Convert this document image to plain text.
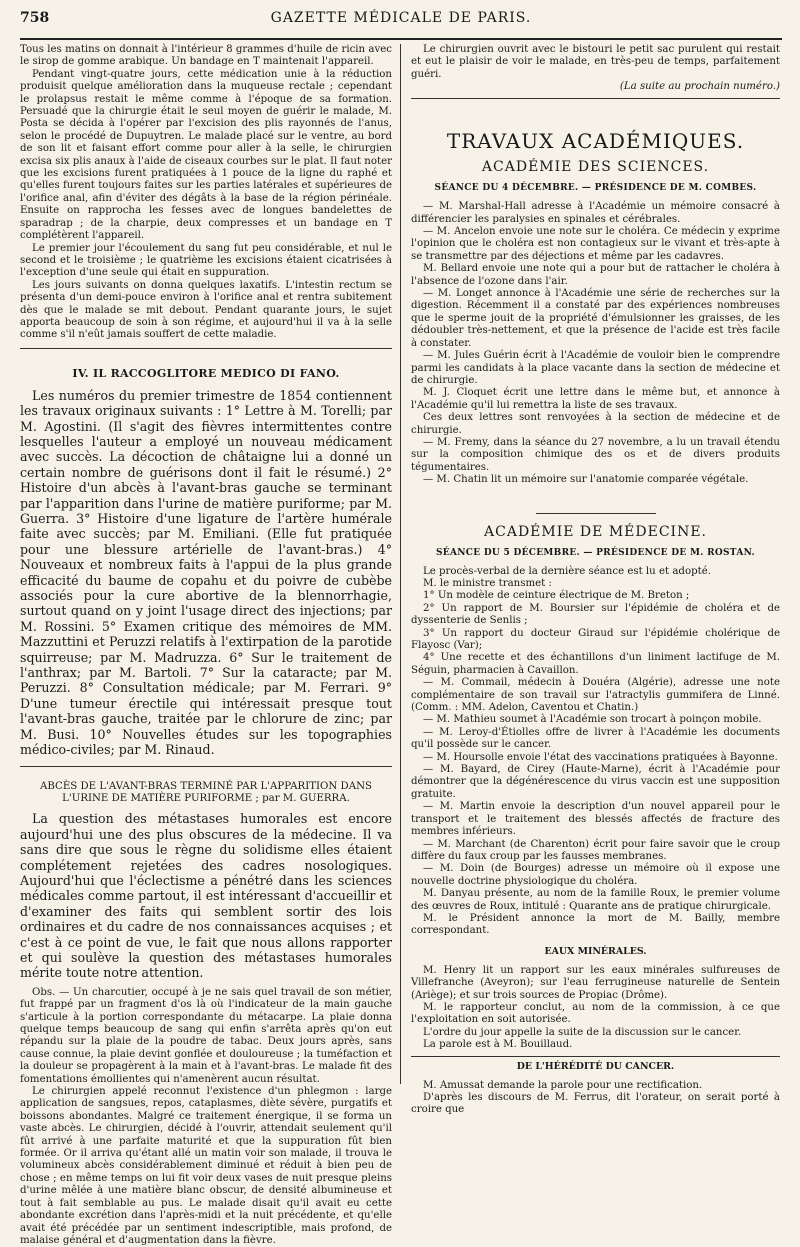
758	GAZETTE MÉDICALE DE PARIS.

Tous les matins on donnait à l'intérieur 8 grammes d'huile de ricin avec le sirop de gomme arabique. Un bandage en T maintenait l'appareil.

Pendant vingt-quatre jours, cette médication unie à la réduction produisit quelque amélioration dans la muqueuse rectale ; cependant le prolapsus restait le même comme à l'époque de sa formation. Persuadé que la chirurgie était le seul moyen de guérir le malade, M. Posta se décida à l'opérer par l'excision des plis rayonnés de l'anus, selon le procédé de Dupuytren. Le malade placé sur le ventre, au bord de son lit et faisant effort comme pour aller à la selle, le chirurgien excisa six plis anaux à l'aide de ciseaux courbes sur le plat. Il faut noter que les excisions furent pratiquées à 1 pouce de la ligne du raphé et qu'elles furent toujours faites sur les parties latérales et supérieures de l'orifice anal, afin d'éviter des dégâts à la base de la région périnéale. Ensuite on rapprocha les fesses avec de longues bandelettes de sparadrap ; de la charpie, deux compresses et un bandage en T complétèrent l'appareil.

Le premier jour l'écoulement du sang fut peu considérable, et nul le second et le troisième ; le quatrième les excisions étaient cicatrisées à l'exception d'une seule qui était en suppuration.

Les jours suivants on donna quelques laxatifs. L'intestin rectum se présenta d'un demi-pouce environ à l'orifice anal et rentra subitement dès que le malade se mit debout. Pendant quarante jours, le sujet apporta beaucoup de soin à son régime, et aujourd'hui il va à la selle comme s'il n'eût jamais souffert de cette maladie.

IV. IL RACCOGLITORE MEDICO DI FANO.

Les numéros du premier trimestre de 1854 contiennent les travaux originaux suivants : 1° Lettre à M. Torelli; par M. Agostini. (Il s'agit des fièvres intermittentes contre lesquelles l'auteur a employé un nouveau médicament avec succès. La décoction de châtaigne lui a donné un certain nombre de guérisons dont il fait le résumé.) 2° Histoire d'un abcès à l'avant-bras gauche se terminant par l'apparition dans l'urine de matière puriforme; par M. Guerra. 3° Histoire d'une ligature de l'artère humérale faite avec succès; par M. Emiliani. (Elle fut pratiquée pour une blessure artérielle de l'avant-bras.) 4° Nouveaux et nombreux faits à l'appui de la plus grande efficacité du baume de copahu et du poivre de cubèbe associés pour la cure abortive de la blennorrhagie, surtout quand on y joint l'usage direct des injections; par M. Rossini. 5° Examen critique des mémoires de MM. Mazzuttini et Peruzzi relatifs à l'extirpation de la parotide squirreuse; par M. Madruzza. 6° Sur le traitement de l'anthrax; par M. Bartoli. 7° Sur la cataracte; par M. Peruzzi. 8° Consultation médicale; par M. Ferrari. 9° D'une tumeur érectile qui intéressait presque tout l'avant-bras gauche, traitée par le chlorure de zinc; par M. Busi. 10° Nouvelles études sur les topographies médico-civiles; par M. Rinaud.

ABCÈS DE L'AVANT-BRAS TERMINÉ PAR L'APPARITION DANS L'URINE DE MATIÈRE PURIFORME ; par M. GUERRA.

La question des métastases humorales est encore aujourd'hui une des plus obscures de la médecine. Il va sans dire que sous le règne du solidisme elles étaient complétement rejetées des cadres nosologiques. Aujourd'hui que l'éclectisme a pénétré dans les sciences médicales comme partout, il est intéressant d'accueillir et d'examiner des faits qui semblent sortir des lois ordinaires et du cadre de nos connaissances acquises ; et c'est à ce point de vue, le fait que nous allons rapporter et qui soulève la question des métastases humorales mérite toute notre attention.

Obs. — Un charcutier, occupé à je ne sais quel travail de son métier, fut frappé par un fragment d'os là où l'indicateur de la main gauche s'articule à la portion correspondante du métacarpe. La plaie donna quelque temps beaucoup de sang qui enfin s'arrêta après qu'on eut répandu sur la plaie de la poudre de tabac. Deux jours après, sans cause connue, la plaie devint gonflée et douloureuse ; la tuméfaction et la douleur se propagèrent à la main et à l'avant-bras. Le malade fit des fomentations émollientes qui n'amenèrent aucun résultat.

Le chirurgien appelé reconnut l'existence d'un phlegmon : large application de sangsues, repos, cataplasmes, diète sévère, purgatifs et boissons abondantes. Malgré ce traitement énergique, il se forma un vaste abcès. Le chirurgien, décidé à l'ouvrir, attendait seulement qu'il fût arrivé à une parfaite maturité et que la suppuration fût bien formée. Or il arriva qu'étant allé un matin voir son malade, il trouva le volumineux abcès considérablement diminué et réduit à bien peu de chose ; en même temps on lui fit voir deux vases de nuit presque pleins d'urine mêlée à une matière blanc obscur, de densité albumineuse et tout à fait semblable au pus. Le malade disait qu'il avait eu cette abondante excrétion dans l'après-midi et la nuit précédente, et qu'elle avait été précédée par un sentiment indescriptible, mais profond, de malaise général et d'augmentation dans la fièvre.

Le chirurgien ouvrit avec le bistouri le petit sac purulent qui restait et eut le plaisir de voir le malade, en très-peu de temps, parfaitement guéri.

(La suite au prochain numéro.)
TRAVAUX ACADÉMIQUES.
ACADÉMIE DES SCIENCES.
SÉANCE DU 4 DÉCEMBRE. — PRÉSIDENCE DE M. COMBES.

— M. Marshal-Hall adresse à l'Académie un mémoire consacré à différencier les paralysies en spinales et cérébrales.

— M. Ancelon envoie une note sur le choléra. Ce médecin y exprime l'opinion que le choléra est non contagieux sur le vivant et très-apte à se transmettre par des déjections et même par les cadavres.

M. Bellard envoie une note qui a pour but de rattacher le choléra à l'absence de l'ozone dans l'air.

— M. Longet annonce à l'Académie une série de recherches sur la digestion. Récemment il a constaté par des expériences nombreuses que le sperme jouit de la propriété d'émulsionner les graisses, de les dédoubler très-nettement, et que la présence de l'acide est très facile à constater.

— M. Jules Guérin écrit à l'Académie de vouloir bien le comprendre parmi les candidats à la place vacante dans la section de médecine et de chirurgie.

M. J. Cloquet écrit une lettre dans le même but, et annonce à l'Académie qu'il lui remettra la liste de ses travaux.

Ces deux lettres sont renvoyées à la section de médecine et de chirurgie.

— M. Fremy, dans la séance du 27 novembre, a lu un travail étendu sur la composition chimique des os et de divers produits tégumentaires.

— M. Chatin lit un mémoire sur l'anatomie comparée végétale.

ACADÉMIE DE MÉDECINE.
SÉANCE DU 5 DÉCEMBRE. — PRÉSIDENCE DE M. ROSTAN.

Le procès-verbal de la dernière séance est lu et adopté.

M. le ministre transmet :

1° Un modèle de ceinture électrique de M. Breton ;

2° Un rapport de M. Boursier sur l'épidémie de choléra et de dyssenterie de Senlis ;

3° Un rapport du docteur Giraud sur l'épidémie cholérique de Flayosc (Var);

4° Une recette et des échantillons d'un liniment lactifuge de M. Séguin, pharmacien à Cavaillon.

— M. Commail, médecin à Douéra (Algérie), adresse une note complémentaire de son travail sur l'atractylis gummifera de Linné. (Comm. : MM. Adelon, Caventou et Chatin.)

— M. Mathieu soumet à l'Académie son trocart à poinçon mobile.

— M. Leroy-d'Étiolles offre de livrer à l'Académie les documents qu'il possède sur le cancer.

— M. Hoursolle envoie l'état des vaccinations pratiquées à Bayonne.

— M. Bayard, de Cirey (Haute-Marne), écrit à l'Académie pour démontrer que la dégénérescence du virus vaccin est une supposition gratuite.

— M. Martin envoie la description d'un nouvel appareil pour le transport et le traitement des blessés affectés de fracture des membres inférieurs.

— M. Marchant (de Charenton) écrit pour faire savoir que le croup diffère du faux croup par les fausses membranes.

— M. Doin (de Bourges) adresse un mémoire où il expose une nouvelle doctrine physiologique du choléra.

M. Danyau présente, au nom de la famille Roux, le premier volume des œuvres de Roux, intitulé : Quarante ans de pratique chirurgicale.

M. le Président annonce la mort de M. Bailly, membre correspondant.

EAUX MINÉRALES.

M. Henry lit un rapport sur les eaux minérales sulfureuses de Villefranche (Aveyron); sur l'eau ferrugineuse naturelle de Sentein (Ariège); et sur trois sources de Propiac (Drôme).

M. le rapporteur conclut, au nom de la commission, à ce que l'exploitation en soit autorisée.

L'ordre du jour appelle la suite de la discussion sur le cancer.

La parole est à M. Bouillaud.

DE L'HÉRÉDITÉ DU CANCER.

M. Amussat demande la parole pour une rectification.

D'après les discours de M. Ferrus, dit l'orateur, on serait porté à croire que
